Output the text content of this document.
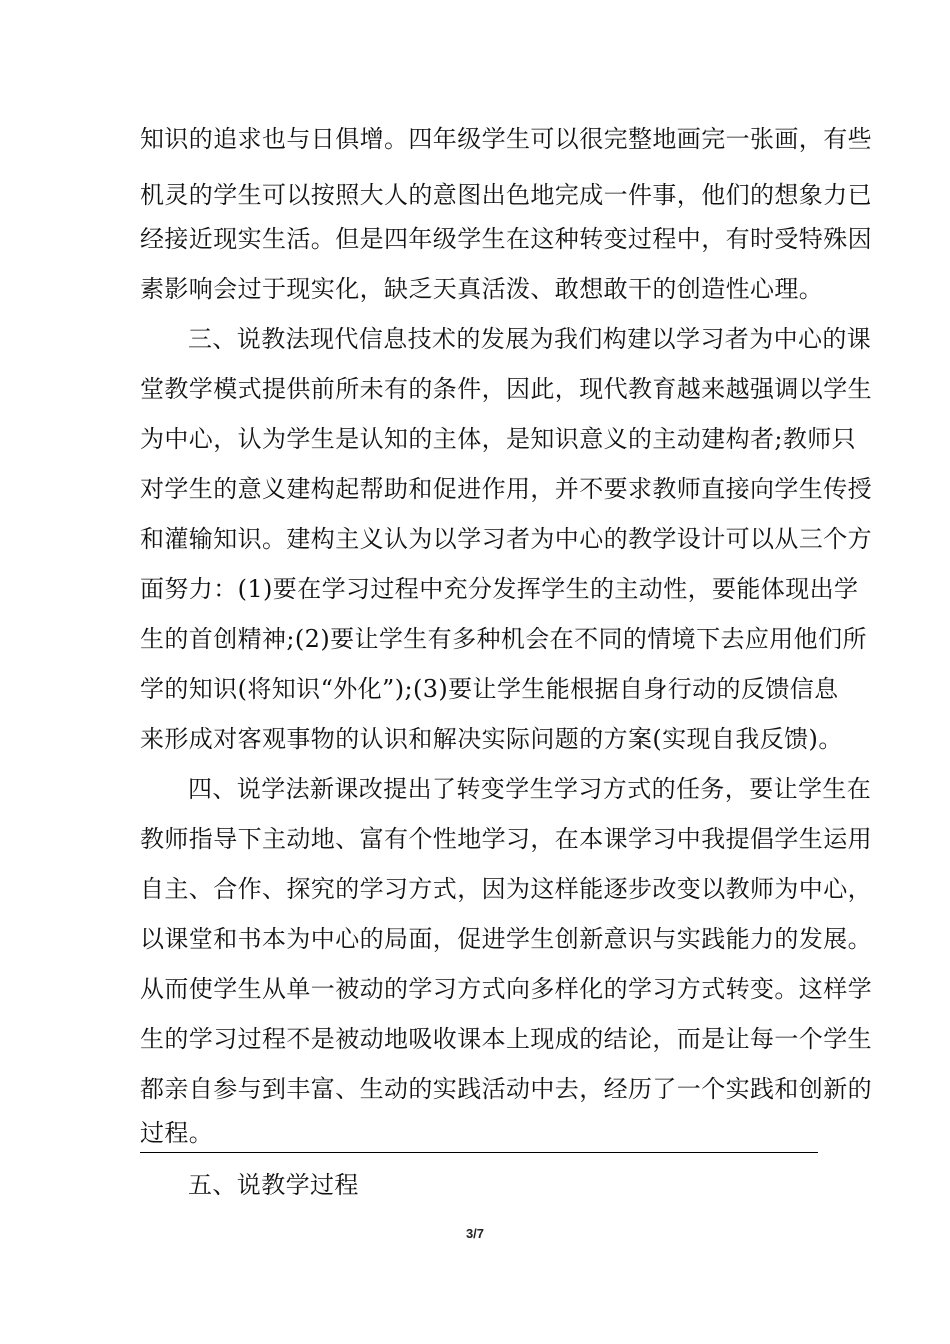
知识的追求也与日俱增。四年级学生可以很完整地画完一张画，有些
机灵的学生可以按照大人的意图出色地完成一件事，他们的想象力已
经接近现实生活。但是四年级学生在这种转变过程中，有时受特殊因
素影响会过于现实化，缺乏天真活泼、敢想敢干的创造性心理。
三、说教法现代信息技术的发展为我们构建以学习者为中心的课
堂教学模式提供前所未有的条件，因此，现代教育越来越强调以学生
为中心，认为学生是认知的主体，是知识意义的主动建构者;教师只
对学生的意义建构起帮助和促进作用，并不要求教师直接向学生传授
和灌输知识。建构主义认为以学习者为中心的教学设计可以从三个方
面努力：(1)要在学习过程中充分发挥学生的主动性，要能体现出学
生的首创精神;(2)要让学生有多种机会在不同的情境下去应用他们所
学的知识(将知识“外化”);(3)要让学生能根据自身行动的反馈信息
来形成对客观事物的认识和解决实际问题的方案(实现自我反馈)。
四、说学法新课改提出了转变学生学习方式的任务，要让学生在
教师指导下主动地、富有个性地学习，在本课学习中我提倡学生运用
自主、合作、探究的学习方式，因为这样能逐步改变以教师为中心，
以课堂和书本为中心的局面，促进学生创新意识与实践能力的发展。
从而使学生从单一被动的学习方式向多样化的学习方式转变。这样学
生的学习过程不是被动地吸收课本上现成的结论，而是让每一个学生
都亲自参与到丰富、生动的实践活动中去，经历了一个实践和创新的
过程。
五、说教学过程
3/7
